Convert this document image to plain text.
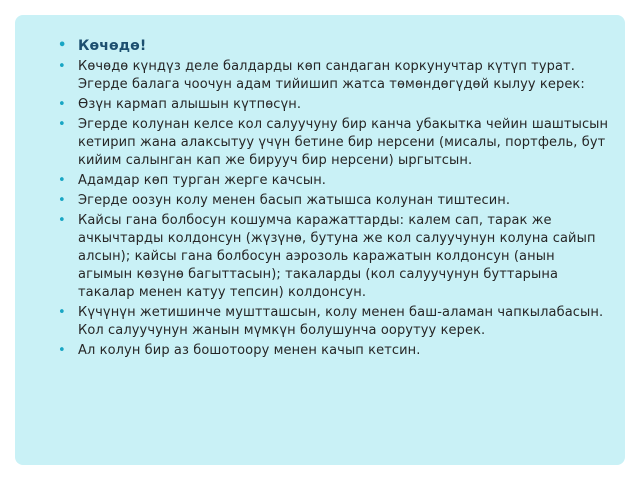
• Көчөдө!
• Көчөдө күндүз деле балдарды көп сандаган коркунучтар күтүп турат. Эгерде балага чоочун адам тийишип жатса төмөндөгүдөй кылуу керек:
• Өзүн кармап алышын күтпөсүн.
• Эгерде колунан келсе кол салуучуну бир канча убакытка чейин шаштысын кетирип жана алаксытуу үчүн бетине бир нерсени (мисалы, портфель, бут кийим салынган кап же бирууч бир нерсени) ыргытсын.
• Адамдар көп турган жерге качсын.
• Эгерде оозун колу менен басып жатышса колунан тиштесин.
• Кайсы гана болбосун кошумча каражаттарды: калем сап, тарак же ачкычтарды колдонсун (жүзүнө, бутуна же кол салуучунун колуна сайып алсын); кайсы гана болбосун аэрозоль каражатын колдонсун (анын агымын көзүнө багыттасын); такаларды (кол салуучунун буттарына такалар менен катуу тепсин) колдонсун.
• Күчүнүн жетишинче муштташсын, колу менен баш-аламан чапкылабасын. Кол салуучунун жанын мүмкүн болушунча оорутуу керек.
• Ал колун бир аз бошотоору менен качып кетсин.
